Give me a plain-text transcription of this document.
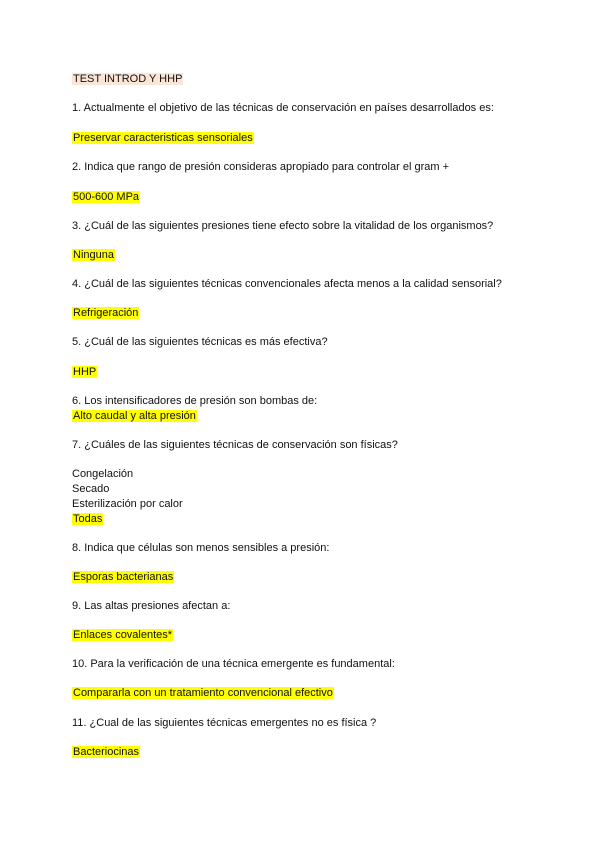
TEST INTROD Y HHP
1. Actualmente el objetivo de las técnicas de conservación en países desarrollados es:
Preservar caracteristicas sensoriales
2. Indica que rango de presión consideras apropiado para controlar el gram +
500-600 MPa
3. ¿Cuál de las siguientes presiones tiene efecto sobre la vitalidad de los organismos?
Ninguna
4. ¿Cuál de las siguientes técnicas convencionales afecta menos a la calidad sensorial?
Refrigeración
5. ¿Cuál de las siguientes técnicas es más efectiva?
HHP
6. Los intensificadores de presión son bombas de:
Alto caudal y alta presión
7. ¿Cuáles de las siguientes técnicas de conservación son físicas?
Congelación
Secado
Esterilización por calor
Todas
8. Indica que células son menos sensibles a presión:
Esporas bacterianas
9. Las altas presiones afectan a:
Enlaces covalentes*
10. Para la verificación de una técnica emergente es fundamental:
Compararla con un tratamiento convencional efectivo
11. ¿Cual de las siguientes técnicas emergentes no es física ?
Bacteriocinas
